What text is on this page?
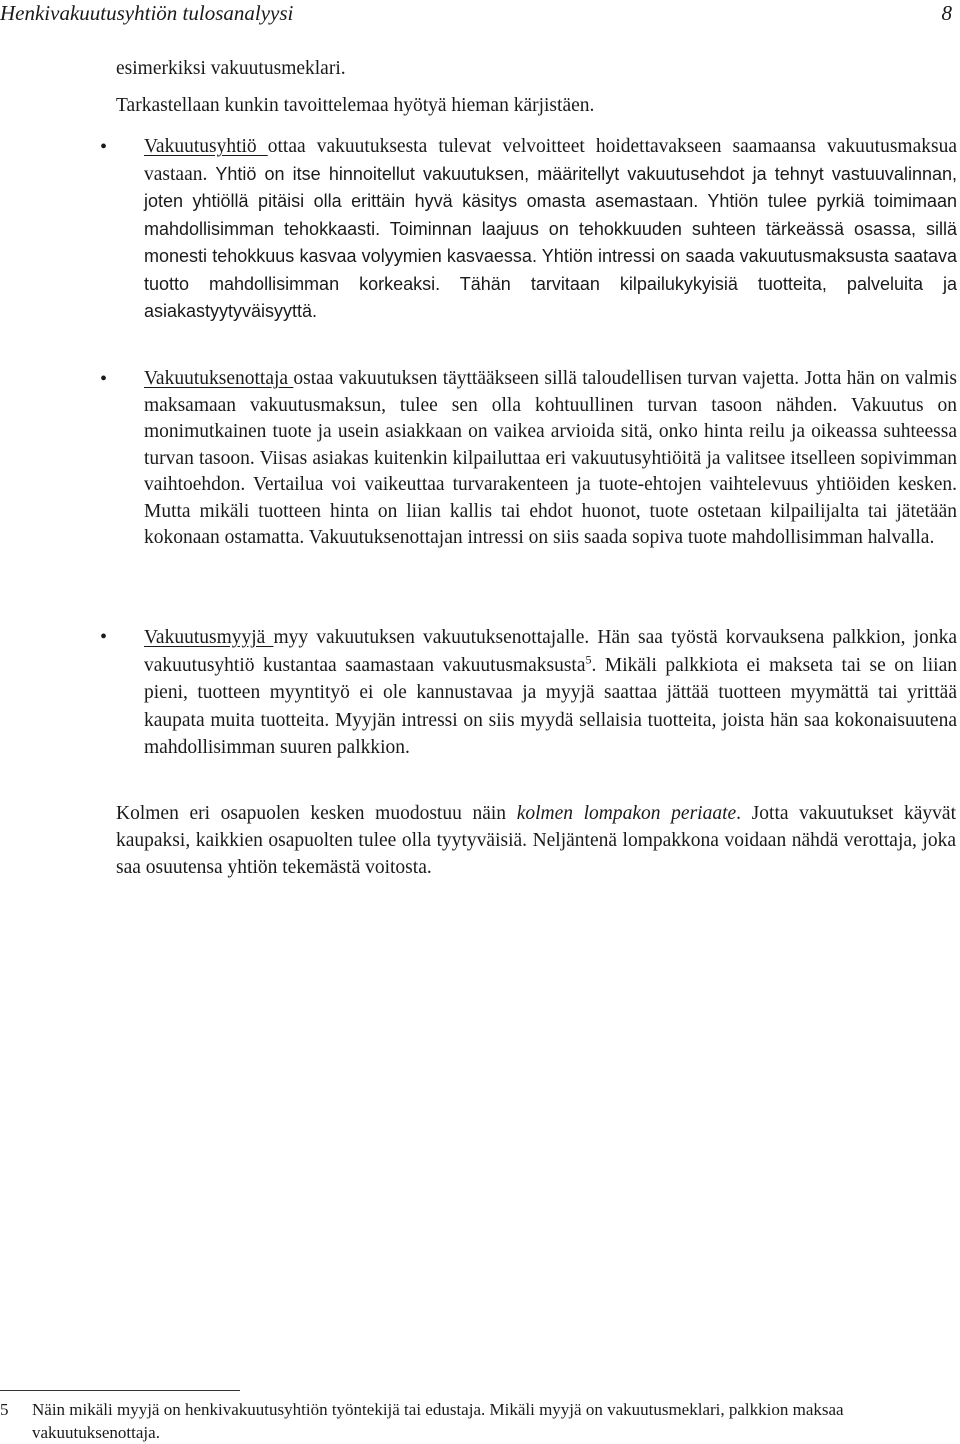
Henkivakuutusyhtiön tulosanalyysi	8
esimerkiksi vakuutusmeklari.
Tarkastellaan kunkin tavoittelemaa hyötyä hieman kärjistäen.
•	Vakuutusyhtiö ottaa vakuutuksesta tulevat velvoitteet hoidettavakseen saamaansa vakuutusmaksua vastaan. Yhtiö on itse hinnoitellut vakuutuksen, määritellyt vakuutusehdot ja tehnyt vastuuvalinnan, joten yhtiöllä pitäisi olla erittäin hyvä käsitys omasta asemastaan. Yhtiön tulee pyrkiä toimimaan mahdollisimman tehokkaasti. Toiminnan laajuus on tehokkuuden suhteen tärkeässä osassa, sillä monesti tehokkuus kasvaa volyymien kasvaessa. Yhtiön intressi on saada vakuutusmaksusta saatava tuotto mahdollisimman korkeaksi. Tähän tarvitaan kilpailukykyisiä tuotteita, palveluita ja asiakastyytyväisyyttä.
•	Vakuutuksenottaja ostaa vakuutuksen täyttääkseen sillä taloudellisen turvan vajetta. Jotta hän on valmis maksamaan vakuutusmaksun, tulee sen olla kohtuullinen turvan tasoon nähden. Vakuutus on monimutkainen tuote ja usein asiakkaan on vaikea arvioida sitä, onko hinta reilu ja oikeassa suhteessa turvan tasoon. Viisas asiakas kuitenkin kilpailuttaa eri vakuutusyhtiöitä ja valitsee itselleen sopivimman vaihtoehdon. Vertailua voi vaikeuttaa turvarakenteen ja tuote-ehtojen vaihtelevuus yhtiöiden kesken. Mutta mikäli tuotteen hinta on liian kallis tai ehdot huonot, tuote ostetaan kilpailijalta tai jätetään kokonaan ostamatta. Vakuutuksenottajan intressi on siis saada sopiva tuote mahdollisimman halvalla.
•	Vakuutusmyyjä myy vakuutuksen vakuutuksenottajalle. Hän saa työstä korvauksena palkkion, jonka vakuutusyhtiö kustantaa saamastaan vakuutusmaksusta$^5$. Mikäli palkkiota ei makseta tai se on liian pieni, tuotteen myyntityö ei ole kannustavaa ja myyjä saattaa jättää tuotteen myymättä tai yrittää kaupata muita tuotteita. Myyjän intressi on siis myydä sellaisia tuotteita, joista hän saa kokonaisuutena mahdollisimman suuren palkkion.
Kolmen eri osapuolen kesken muodostuu näin kolmen lompakon periaate. Jotta vakuutukset käyvät kaupaksi, kaikkien osapuolten tulee olla tyytyväisiä. Neljäntenä lompakkona voidaan nähdä verottaja, joka saa osuutensa yhtiön tekemästä voitosta.
5 Näin mikäli myyjä on henkivakuutusyhtiön työntekijä tai edustaja. Mikäli myyjä on vakuutusmeklari, palkkion maksaa vakuutuksenottaja.
